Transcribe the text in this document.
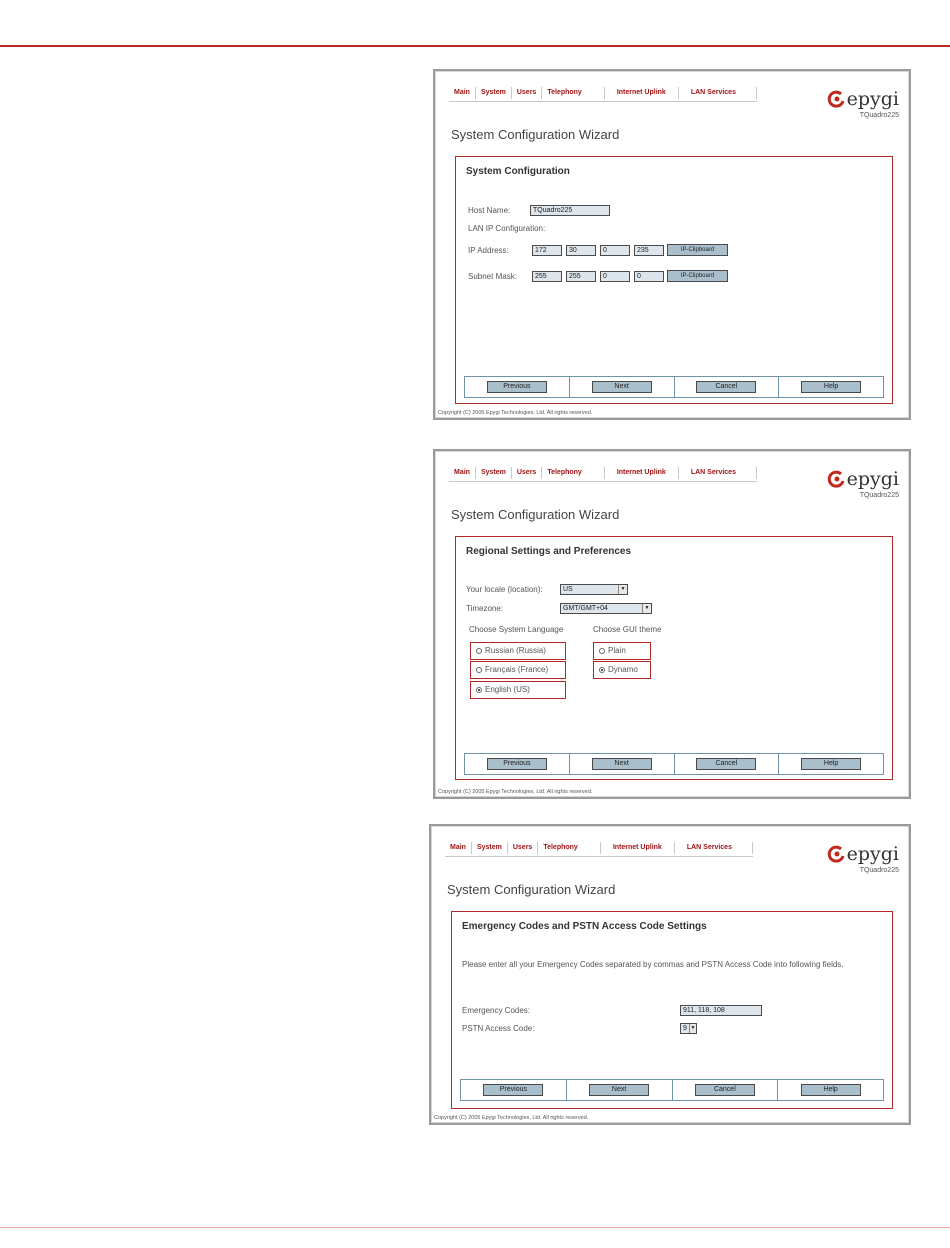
Main	System	Users	Telephony	Internet Uplink	LAN Services	epygi
TQuadro225
System Configuration Wizard
System Configuration
Host Name:	TQuadro225
LAN IP Configuration:
IP Address:	172	30	0	235	IP-Clipboard
Subnet Mask:	255	255	0	0	IP-Clipboard
Previous	Next	Cancel	Help
Copyright (C) 2005 Epygi Technologies, Ltd. All rights reserved.
Main	System	Users	Telephony	Internet Uplink	LAN Services	epygi
TQuadro225
System Configuration Wizard
Regional Settings and Preferences
Your locale (location):	US	▼
Timezone:	GMT/GMT+04	▼
Choose System Language	Choose GUI theme
Russian (Russia)
Français (France)
English (US)
Plain
Dynamo
Previous	Next	Cancel	Help
Copyright (C) 2005 Epygi Technologies, Ltd. All rights reserved.
Main	System	Users	Telephony	Internet Uplink	LAN Services	epygi
TQuadro225
System Configuration Wizard
Emergency Codes and PSTN Access Code Settings
Please enter all your Emergency Codes separated by commas and PSTN Access Code into following fields.
Emergency Codes:	911, 118, 108
PSTN Access Code:	9 ▼
Previous	Next	Cancel	Help
Copyright (C) 2005 Epygi Technologies, Ltd. All rights reserved.
